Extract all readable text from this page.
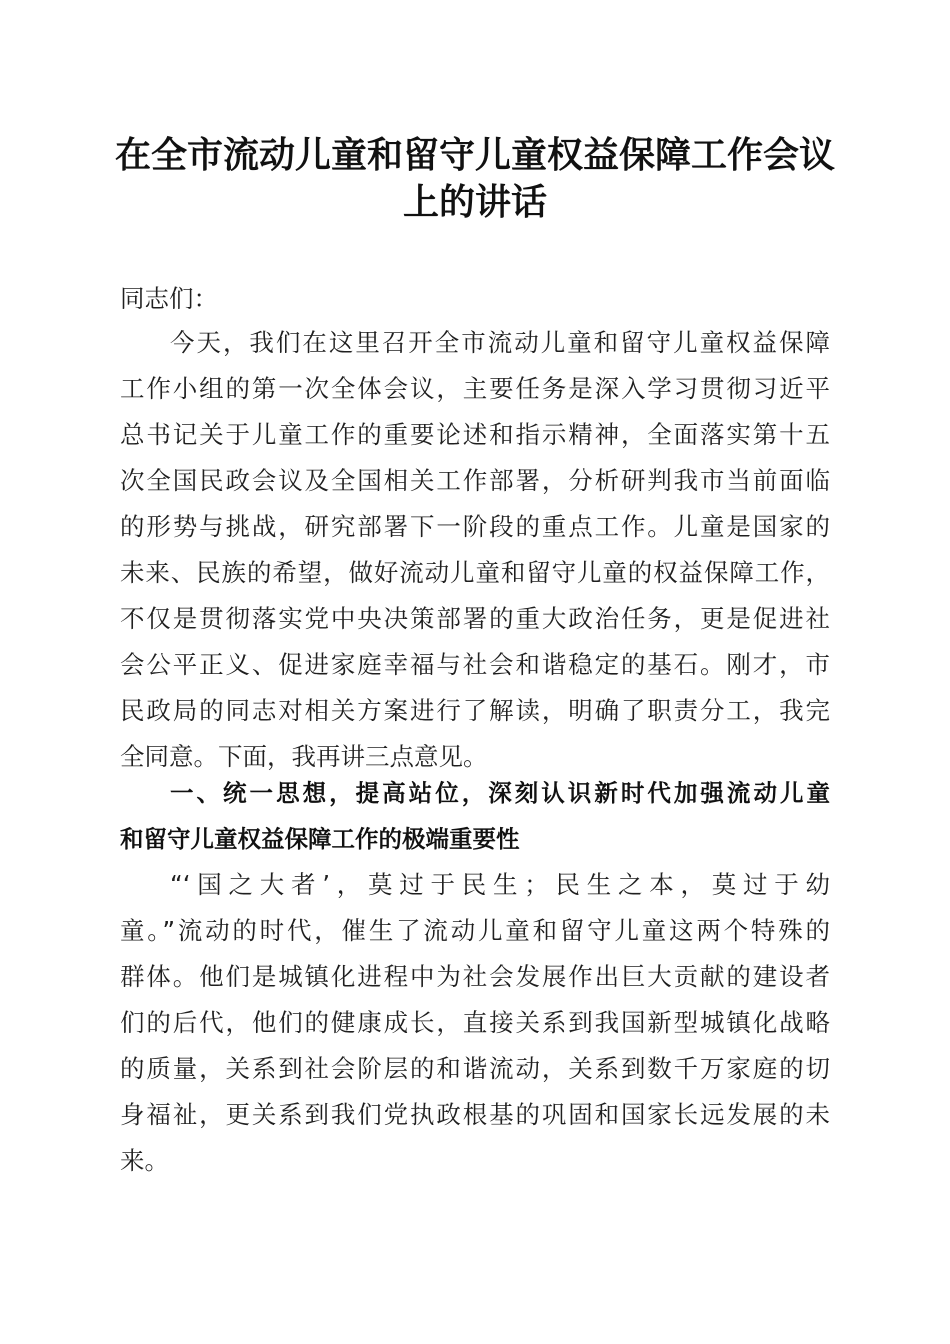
在全市流动儿童和留守儿童权益保障工作会议
上的讲话
同志们：
今天，我们在这里召开全市流动儿童和留守儿童权益保障
工作小组的第一次全体会议，主要任务是深入学习贯彻习近平
总书记关于儿童工作的重要论述和指示精神，全面落实第十五
次全国民政会议及全国相关工作部署，分析研判我市当前面临
的形势与挑战，研究部署下一阶段的重点工作。儿童是国家的
未来、民族的希望，做好流动儿童和留守儿童的权益保障工作，
不仅是贯彻落实党中央决策部署的重大政治任务，更是促进社
会公平正义、促进家庭幸福与社会和谐稳定的基石。刚才，市
民政局的同志对相关方案进行了解读，明确了职责分工，我完
全同意。下面，我再讲三点意见。
一、统一思想，提高站位，深刻认识新时代加强流动儿童
和留守儿童权益保障工作的极端重要性
“‘国之大者’，莫过于民生；民生之本，莫过于幼
童。”流动的时代，催生了流动儿童和留守儿童这两个特殊的
群体。他们是城镇化进程中为社会发展作出巨大贡献的建设者
们的后代，他们的健康成长，直接关系到我国新型城镇化战略
的质量，关系到社会阶层的和谐流动，关系到数千万家庭的切
身福祉，更关系到我们党执政根基的巩固和国家长远发展的未
来。
